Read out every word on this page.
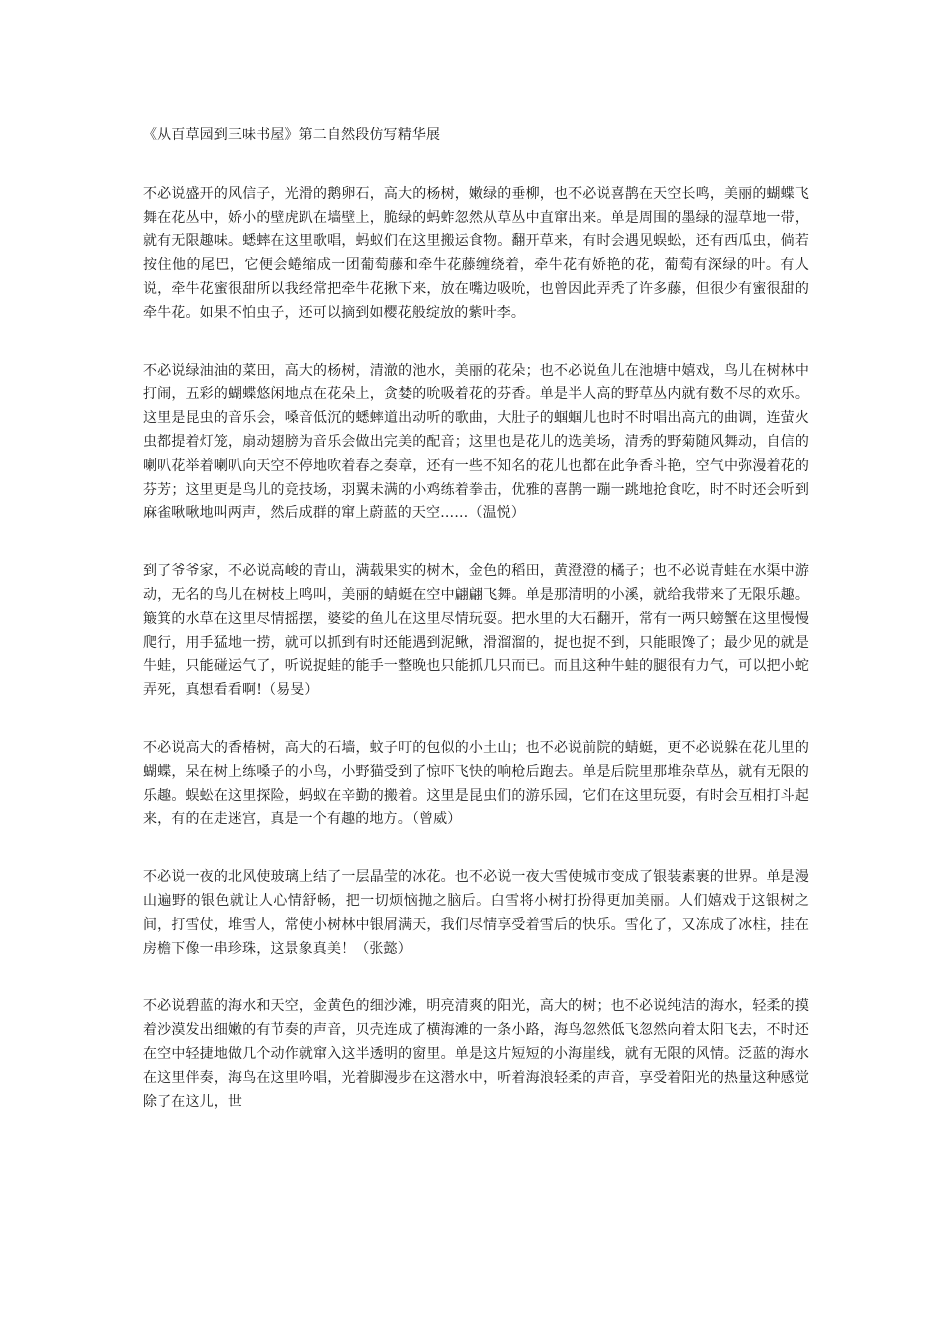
《从百草园到三味书屋》第二自然段仿写精华展

不必说盛开的风信子，光滑的鹅卵石，高大的杨树，嫩绿的垂柳，也不必说喜鹊在天空长鸣，美丽的蝴蝶飞舞在花丛中，娇小的壁虎趴在墙壁上，脆绿的蚂蚱忽然从草丛中直窜出来。单是周围的墨绿的湿草地一带，就有无限趣味。蟋蟀在这里歌唱，蚂蚁们在这里搬运食物。翻开草来，有时会遇见蜈蚣，还有西瓜虫，倘若按住他的尾巴，它便会蜷缩成一团葡萄藤和牵牛花藤缠绕着，牵牛花有娇艳的花，葡萄有深绿的叶。有人说，牵牛花蜜很甜所以我经常把牵牛花揪下来，放在嘴边吸吮，也曾因此弄秃了许多藤，但很少有蜜很甜的牵牛花。如果不怕虫子，还可以摘到如樱花般绽放的紫叶李。

不必说绿油油的菜田，高大的杨树，清澈的池水，美丽的花朵；也不必说鱼儿在池塘中嬉戏，鸟儿在树林中打闹，五彩的蝴蝶悠闲地点在花朵上，贪婪的吮吸着花的芬香。单是半人高的野草丛内就有数不尽的欢乐。这里是昆虫的音乐会，嗓音低沉的蟋蟀道出动听的歌曲，大肚子的蝈蝈儿也时不时唱出高亢的曲调，连萤火虫都提着灯笼，扇动翅膀为音乐会做出完美的配音；这里也是花儿的选美场，清秀的野菊随风舞动，自信的喇叭花举着喇叭向天空不停地吹着春之奏章，还有一些不知名的花儿也都在此争香斗艳，空气中弥漫着花的芬芳；这里更是鸟儿的竞技场，羽翼未满的小鸡练着拳击，优雅的喜鹊一蹦一跳地抢食吃，时不时还会听到麻雀啾啾地叫两声，然后成群的窜上蔚蓝的天空……（温悦）

到了爷爷家，不必说高峻的青山，满载果实的树木，金色的稻田，黄澄澄的橘子；也不必说青蛙在水渠中游动，无名的鸟儿在树枝上鸣叫，美丽的蜻蜓在空中翩翩飞舞。单是那清明的小溪，就给我带来了无限乐趣。簸箕的水草在这里尽情摇摆，婆娑的鱼儿在这里尽情玩耍。把水里的大石翻开，常有一两只螃蟹在这里慢慢爬行，用手猛地一捞，就可以抓到有时还能遇到泥鳅，滑溜溜的，捉也捉不到，只能眼馋了；最少见的就是牛蛙，只能碰运气了，听说捉蛙的能手一整晚也只能抓几只而已。而且这种牛蛙的腿很有力气，可以把小蛇弄死，真想看看啊!（易旻）

不必说高大的香椿树，高大的石墙，蚊子叮的包似的小土山；也不必说前院的蜻蜓，更不必说躲在花儿里的蝴蝶，呆在树上练嗓子的小鸟，小野猫受到了惊吓飞快的响枪后跑去。单是后院里那堆杂草丛，就有无限的乐趣。蜈蚣在这里探险，蚂蚁在辛勤的搬着。这里是昆虫们的游乐园，它们在这里玩耍，有时会互相打斗起来，有的在走迷宫，真是一个有趣的地方。（曾威）

不必说一夜的北风使玻璃上结了一层晶莹的冰花。也不必说一夜大雪使城市变成了银装素裹的世界。单是漫山遍野的银色就让人心情舒畅，把一切烦恼抛之脑后。白雪将小树打扮得更加美丽。人们嬉戏于这银树之间，打雪仗，堆雪人，常使小树林中银屑满天，我们尽情享受着雪后的快乐。雪化了，又冻成了冰柱，挂在房檐下像一串珍珠，这景象真美！（张懿）

不必说碧蓝的海水和天空，金黄色的细沙滩，明亮清爽的阳光，高大的树；也不必说纯洁的海水，轻柔的摸着沙漠发出细嫩的有节奏的声音，贝壳连成了横海滩的一条小路，海鸟忽然低飞忽然向着太阳飞去，不时还在空中轻捷地做几个动作就窜入这半透明的窗里。单是这片短短的小海崖线，就有无限的风情。泛蓝的海水在这里伴奏，海鸟在这里吟唱，光着脚漫步在这潜水中，听着海浪轻柔的声音，享受着阳光的热量这种感觉除了在这儿，世
